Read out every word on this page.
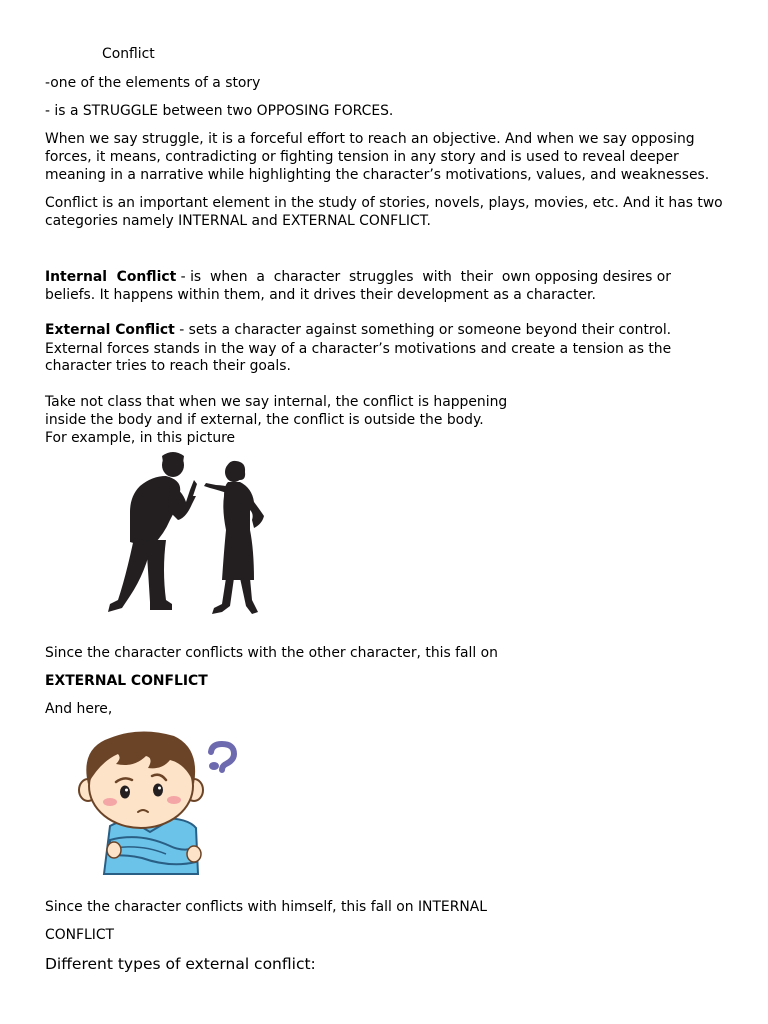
Conflict

-one of the elements of a story

- is a STRUGGLE between two OPPOSING FORCES.

When we say struggle, it is a forceful effort to reach an objective. And when we say opposing

forces, it means, contradicting or fighting tension in any story and is used to reveal deeper

meaning in a narrative while highlighting the character’s motivations, values, and weaknesses.

Conflict is an important element in the study of stories, novels, plays, movies, etc. And it has two

categories namely INTERNAL and EXTERNAL CONFLICT.

Internal  Conflict - is  when  a  character  struggles  with  their  own opposing desires or

beliefs. It happens within them, and it drives their development as a character.

External Conflict - sets a character against something or someone beyond their control.

External forces stands in the way of a character’s motivations and create a tension as the

character tries to reach their goals.

Take not class that when we say internal, the conflict is happening

inside the body and if external, the conflict is outside the body.

For example, in this picture

Since the character conflicts with the other character, this fall on

EXTERNAL CONFLICT

And here,

Since the character conflicts with himself, this fall on INTERNAL

CONFLICT

Different types of external conflict:
